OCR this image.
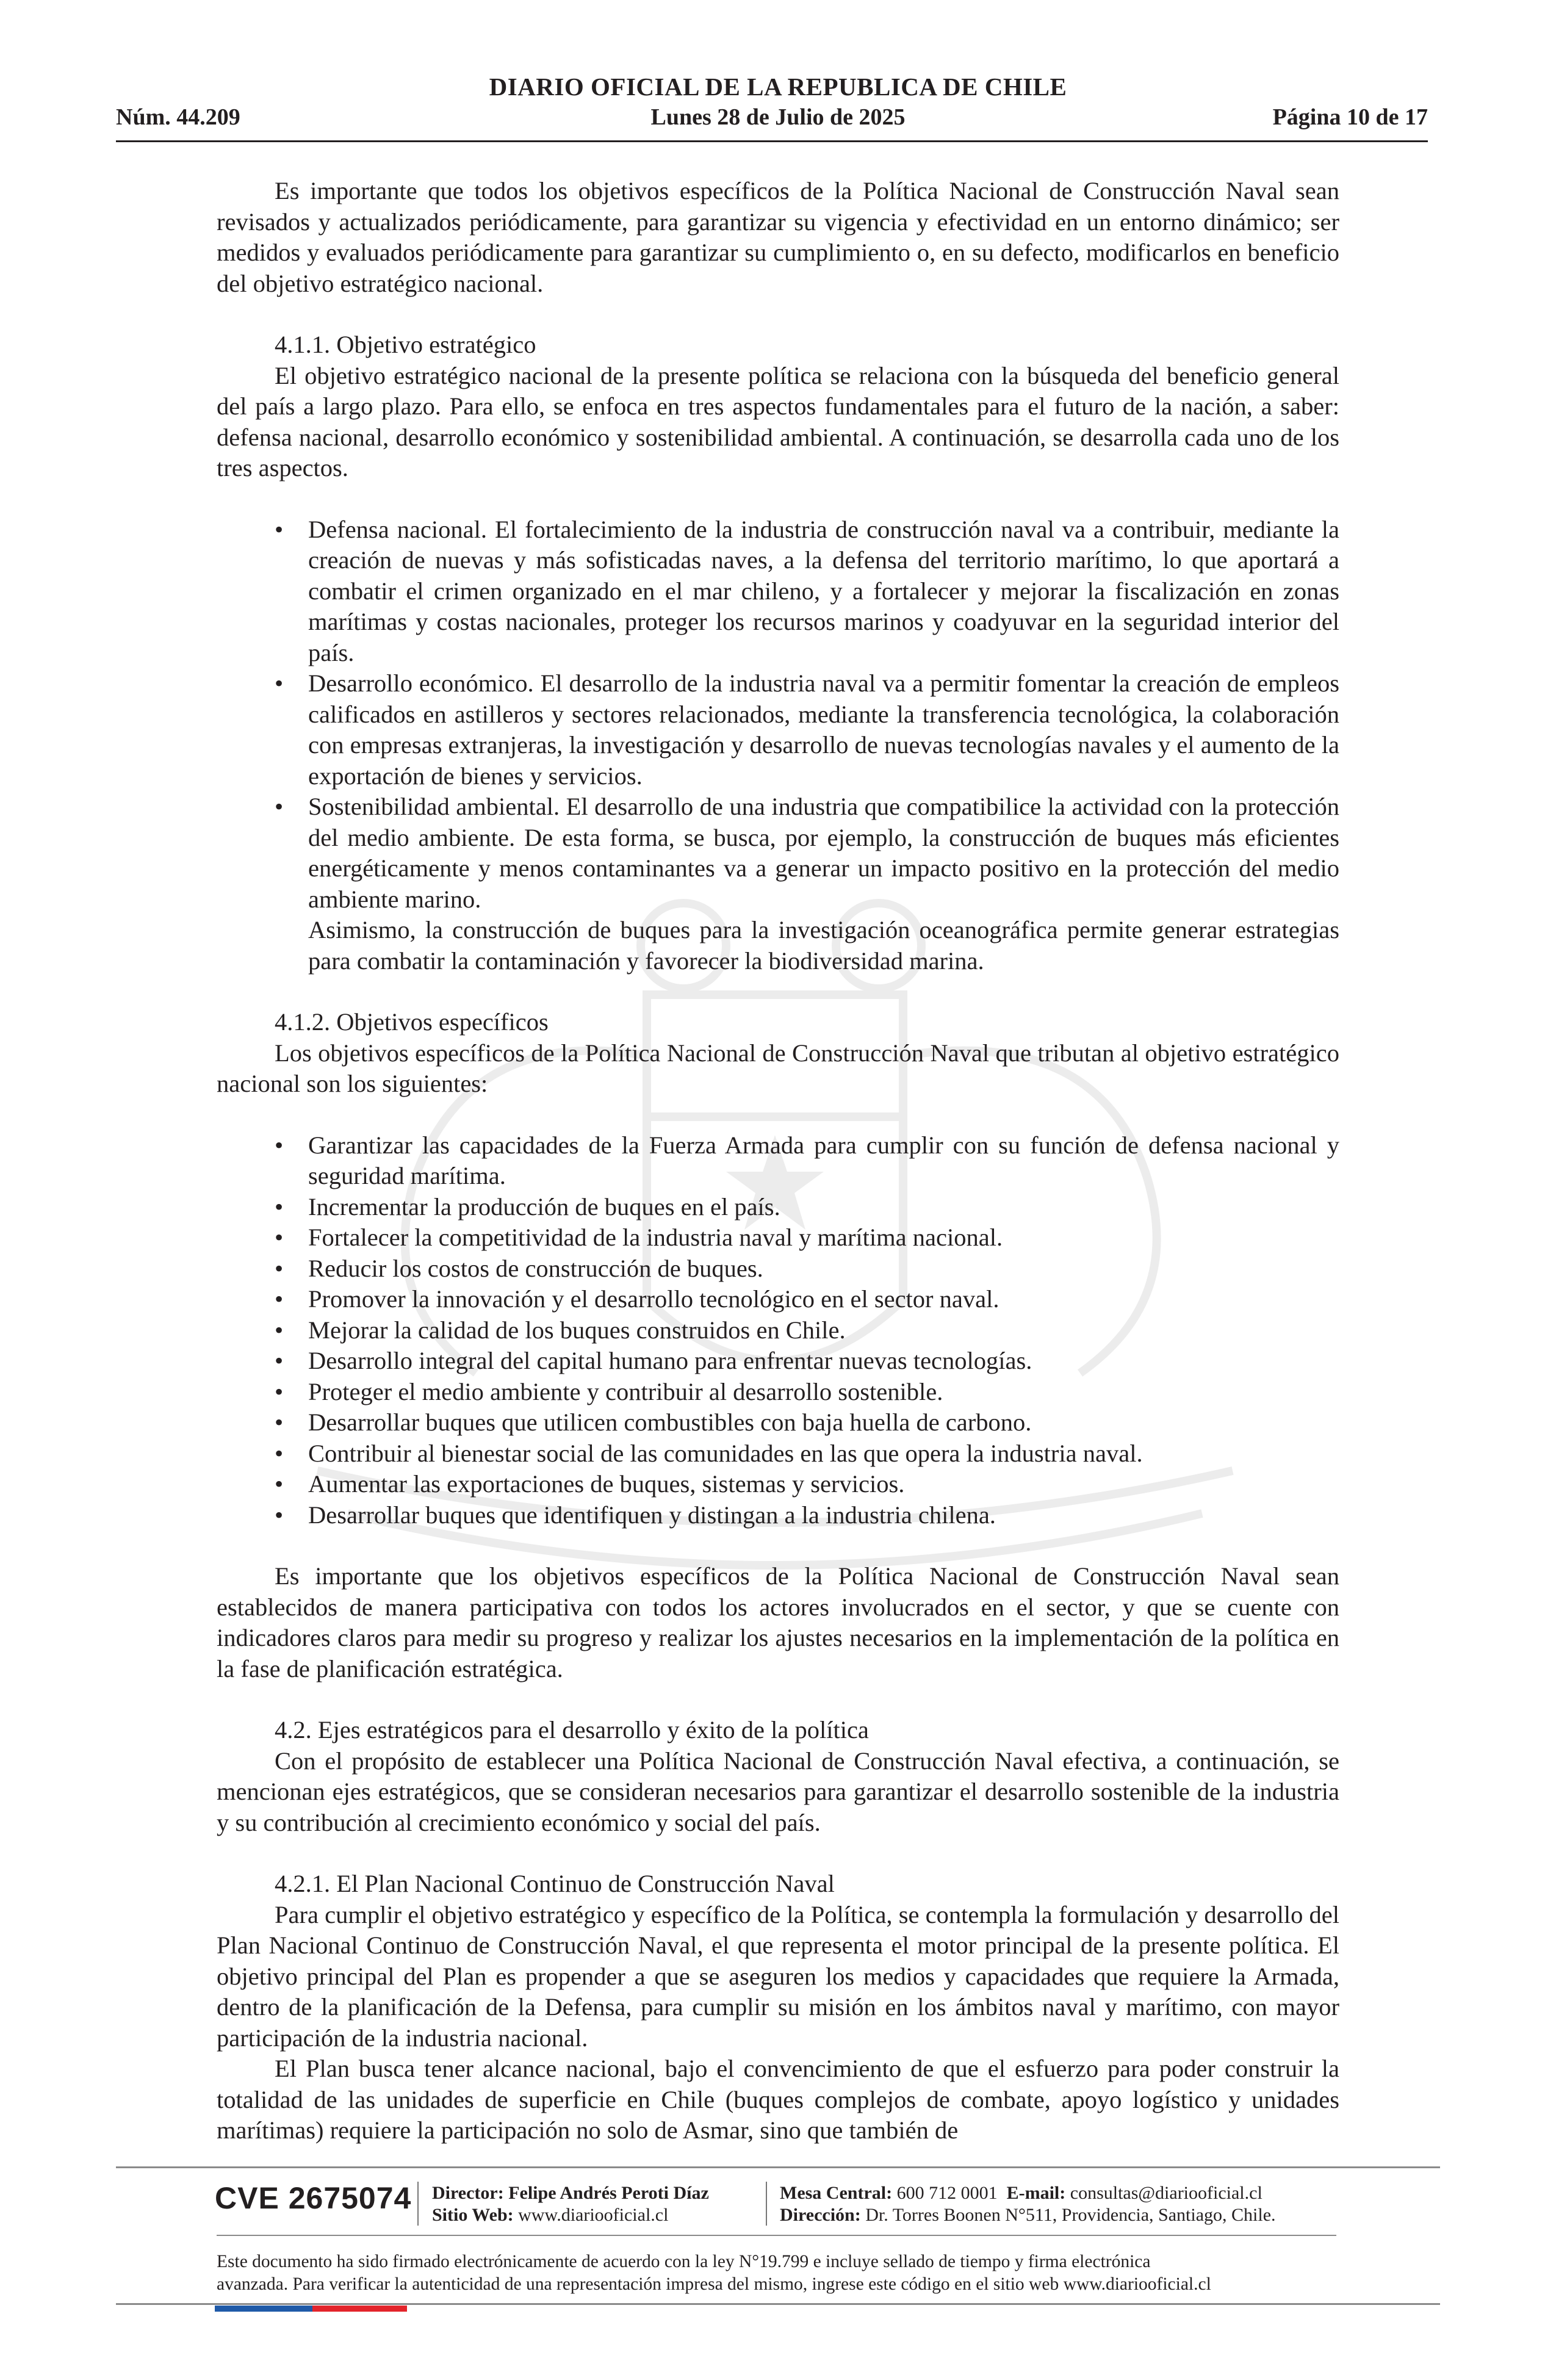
DIARIO OFICIAL DE LA REPUBLICA DE CHILE
Núm. 44.209	Lunes 28 de Julio de 2025	Página 10 de 17

Es importante que todos los objetivos específicos de la Política Nacional de Construcción Naval sean revisados y actualizados periódicamente, para garantizar su vigencia y efectividad en un entorno dinámico; ser medidos y evaluados periódicamente para garantizar su cumplimiento o, en su defecto, modificarlos en beneficio del objetivo estratégico nacional.

4.1.1. Objetivo estratégico

El objetivo estratégico nacional de la presente política se relaciona con la búsqueda del beneficio general del país a largo plazo. Para ello, se enfoca en tres aspectos fundamentales para el futuro de la nación, a saber: defensa nacional, desarrollo económico y sostenibilidad ambiental. A continuación, se desarrolla cada uno de los tres aspectos.

• Defensa nacional. El fortalecimiento de la industria de construcción naval va a contribuir, mediante la creación de nuevas y más sofisticadas naves, a la defensa del territorio marítimo, lo que aportará a combatir el crimen organizado en el mar chileno, y a fortalecer y mejorar la fiscalización en zonas marítimas y costas nacionales, proteger los recursos marinos y coadyuvar en la seguridad interior del país.
• Desarrollo económico. El desarrollo de la industria naval va a permitir fomentar la creación de empleos calificados en astilleros y sectores relacionados, mediante la transferencia tecnológica, la colaboración con empresas extranjeras, la investigación y desarrollo de nuevas tecnologías navales y el aumento de la exportación de bienes y servicios.
• Sostenibilidad ambiental. El desarrollo de una industria que compatibilice la actividad con la protección del medio ambiente. De esta forma, se busca, por ejemplo, la construcción de buques más eficientes energéticamente y menos contaminantes va a generar un impacto positivo en la protección del medio ambiente marino.
Asimismo, la construcción de buques para la investigación oceanográfica permite generar estrategias para combatir la contaminación y favorecer la biodiversidad marina.

4.1.2. Objetivos específicos

Los objetivos específicos de la Política Nacional de Construcción Naval que tributan al objetivo estratégico nacional son los siguientes:

• Garantizar las capacidades de la Fuerza Armada para cumplir con su función de defensa nacional y seguridad marítima.
• Incrementar la producción de buques en el país.
• Fortalecer la competitividad de la industria naval y marítima nacional.
• Reducir los costos de construcción de buques.
• Promover la innovación y el desarrollo tecnológico en el sector naval.
• Mejorar la calidad de los buques construidos en Chile.
• Desarrollo integral del capital humano para enfrentar nuevas tecnologías.
• Proteger el medio ambiente y contribuir al desarrollo sostenible.
• Desarrollar buques que utilicen combustibles con baja huella de carbono.
• Contribuir al bienestar social de las comunidades en las que opera la industria naval.
• Aumentar las exportaciones de buques, sistemas y servicios.
• Desarrollar buques que identifiquen y distingan a la industria chilena.

Es importante que los objetivos específicos de la Política Nacional de Construcción Naval sean establecidos de manera participativa con todos los actores involucrados en el sector, y que se cuente con indicadores claros para medir su progreso y realizar los ajustes necesarios en la implementación de la política en la fase de planificación estratégica.

4.2. Ejes estratégicos para el desarrollo y éxito de la política

Con el propósito de establecer una Política Nacional de Construcción Naval efectiva, a continuación, se mencionan ejes estratégicos, que se consideran necesarios para garantizar el desarrollo sostenible de la industria y su contribución al crecimiento económico y social del país.

4.2.1. El Plan Nacional Continuo de Construcción Naval

Para cumplir el objetivo estratégico y específico de la Política, se contempla la formulación y desarrollo del Plan Nacional Continuo de Construcción Naval, el que representa el motor principal de la presente política. El objetivo principal del Plan es propender a que se aseguren los medios y capacidades que requiere la Armada, dentro de la planificación de la Defensa, para cumplir su misión en los ámbitos naval y marítimo, con mayor participación de la industria nacional.

El Plan busca tener alcance nacional, bajo el convencimiento de que el esfuerzo para poder construir la totalidad de las unidades de superficie en Chile (buques complejos de combate, apoyo logístico y unidades marítimas) requiere la participación no solo de Asmar, sino que también de

CVE 2675074 Director: Felipe Andrés Peroti Díaz
Sitio Web: www.diariooficial.cl
Mesa Central: 600 712 0001 E-mail: consultas@diariooficial.cl
Dirección: Dr. Torres Boonen N°511, Providencia, Santiago, Chile.
Este documento ha sido firmado electrónicamente de acuerdo con la ley N°19.799 e incluye sellado de tiempo y firma electrónica
avanzada. Para verificar la autenticidad de una representación impresa del mismo, ingrese este código en el sitio web www.diariooficial.cl
